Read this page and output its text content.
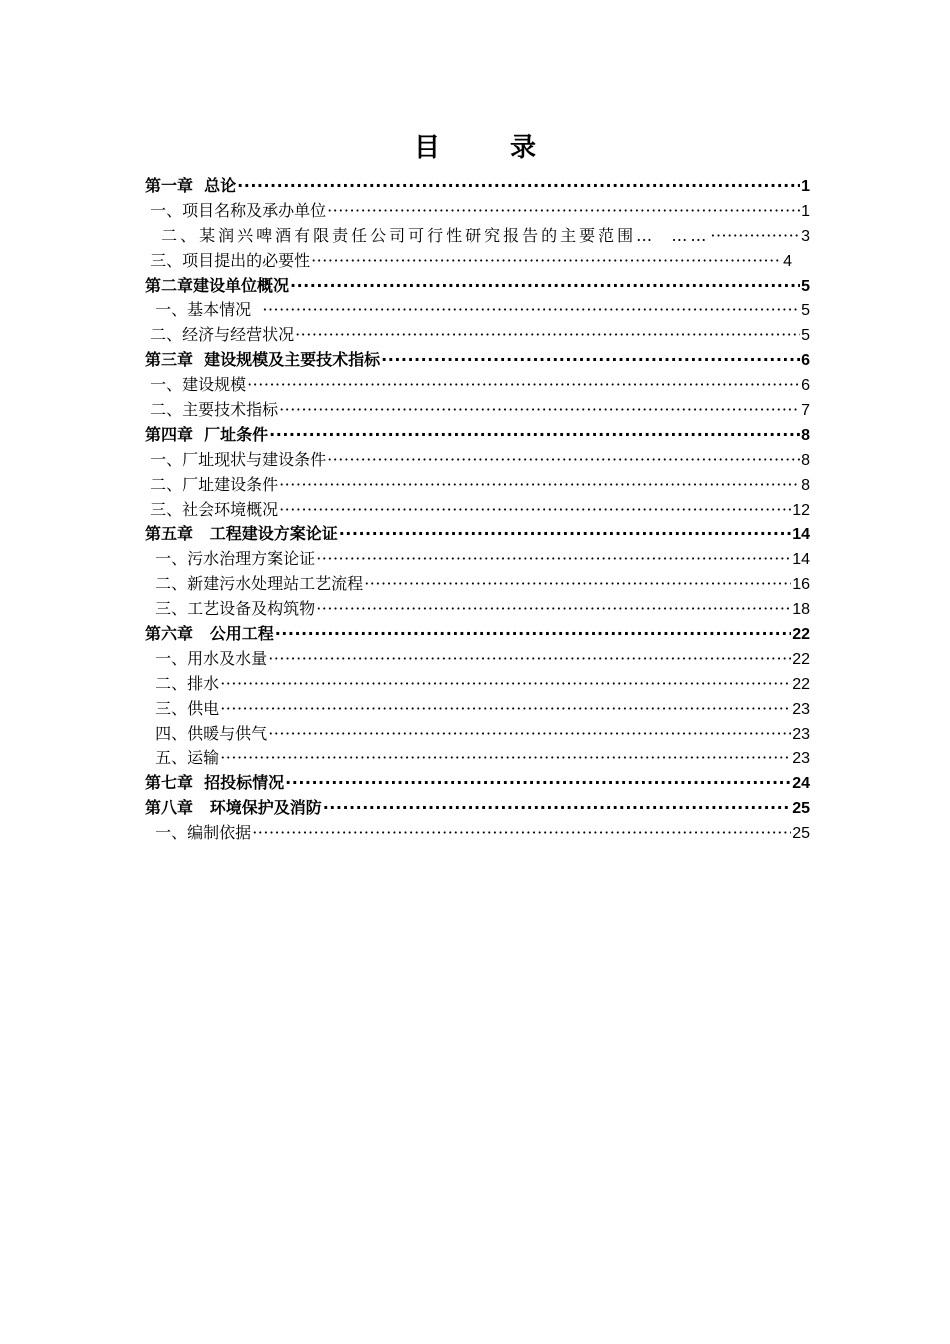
目　录
第一章  总论 ·····	1
一、项目名称及承办单位 ·····	1
二、某润兴啤酒有限责任公司可行性研究报告的主要范围…  …… ·····	3
三、项目提出的必要性 ·····	4
第二章建设单位概况 ·····	5
一、基本情况 ·····	5
二、经济与经营状况 ·····	5
第三章  建设规模及主要技术指标 ·····	6
一、建设规模 ·····	6
二、主要技术指标 ·····	7
第四章  厂址条件 ·····	8
一、厂址现状与建设条件 ·····	8
二、厂址建设条件 ·····	8
三、社会环境概况 ·····	12
第五章   工程建设方案论证 ·····	14
一、污水治理方案论证 ·····	14
二、新建污水处理站工艺流程 ·····	16
三、工艺设备及构筑物 ·····	18
第六章   公用工程 ·····	22
一、用水及水量 ·····	22
二、排水 ·····	22
三、供电 ·····	23
四、供暖与供气 ·····	23
五、运输 ·····	23
第七章  招投标情况 ·····	24
第八章   环境保护及消防 ·····	25
一、编制依据 ·····	25
